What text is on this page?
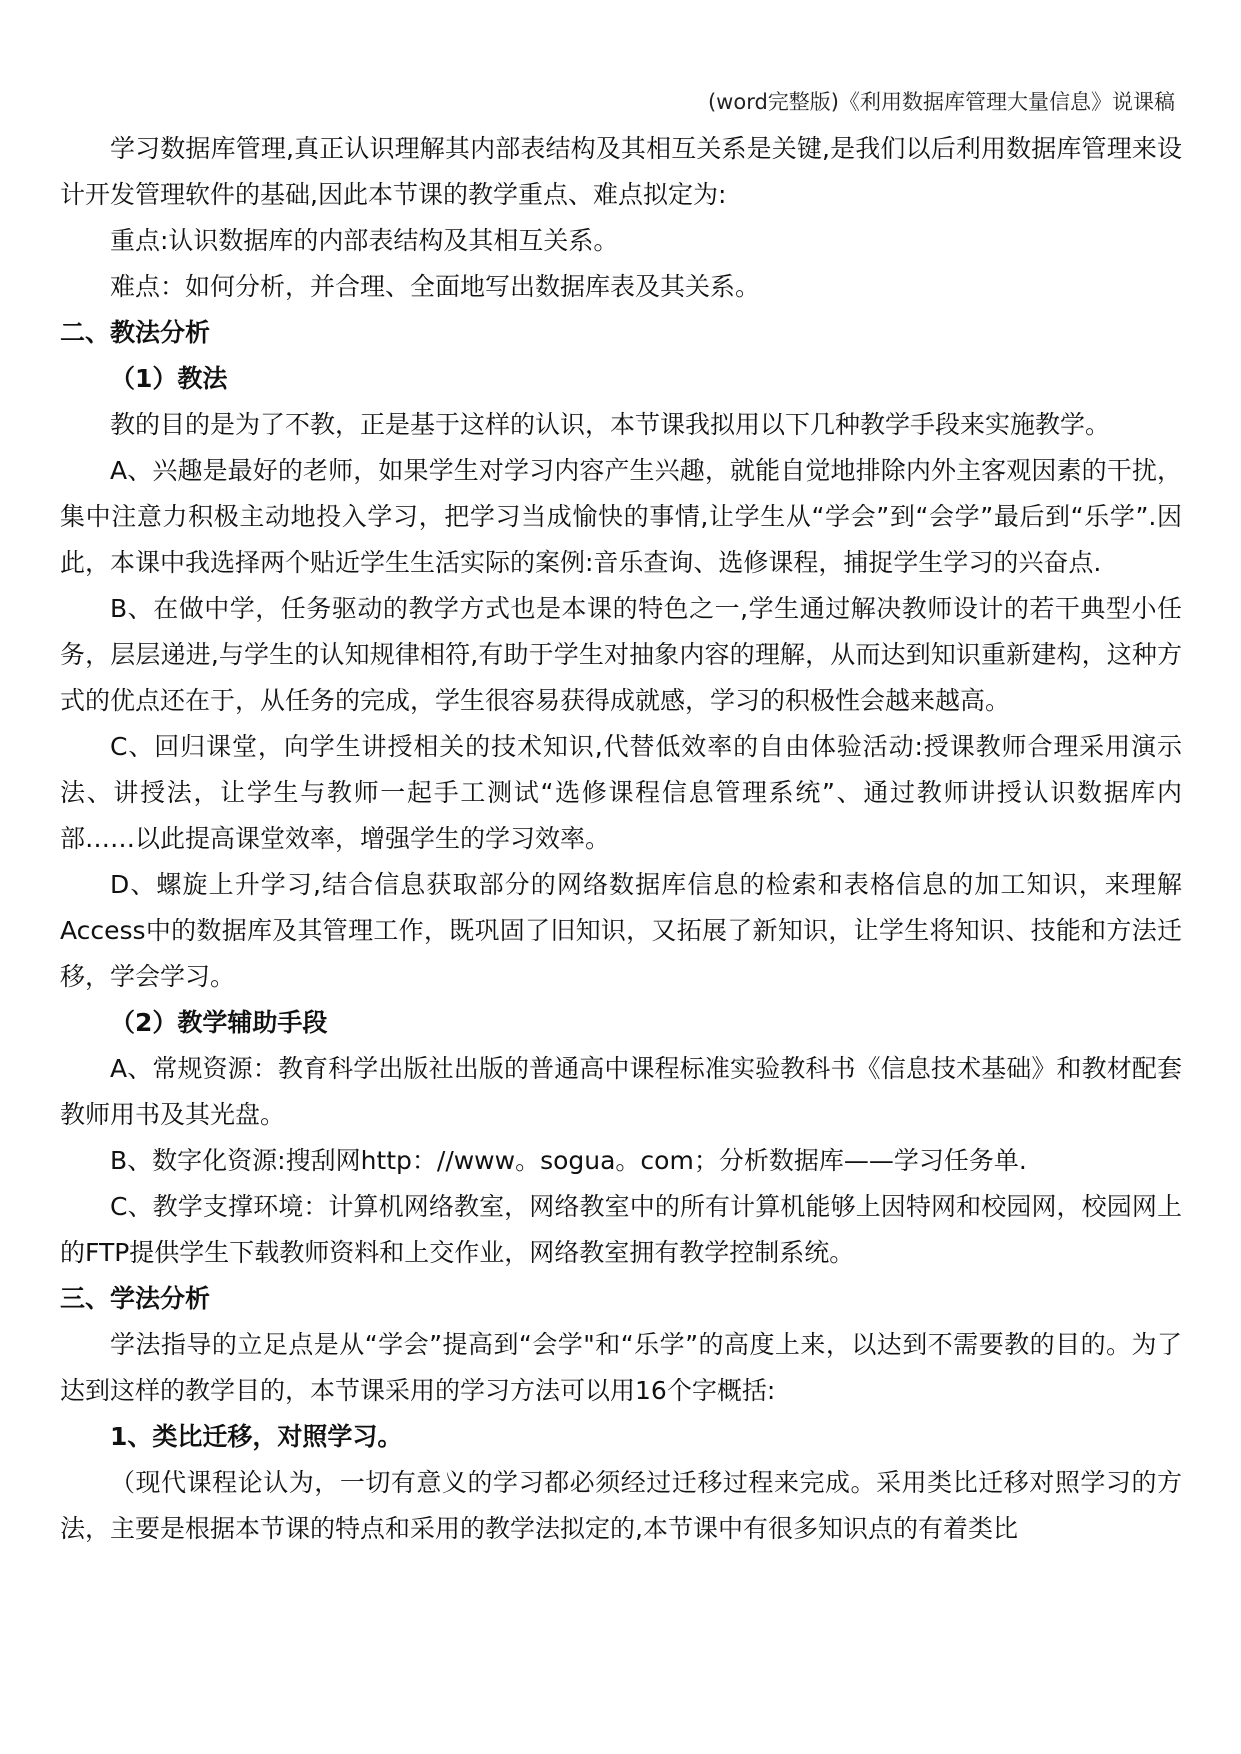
(word完整版)《利用数据库管理大量信息》说课稿

学习数据库管理,真正认识理解其内部表结构及其相互关系是关键,是我们以后利用数据库管理来设计开发管理软件的基础,因此本节课的教学重点、难点拟定为:

重点:认识数据库的内部表结构及其相互关系。

难点：如何分析，并合理、全面地写出数据库表及其关系。

二、教法分析

（1）教法

教的目的是为了不教，正是基于这样的认识，本节课我拟用以下几种教学手段来实施教学。

A、兴趣是最好的老师，如果学生对学习内容产生兴趣，就能自觉地排除内外主客观因素的干扰，集中注意力积极主动地投入学习，把学习当成愉快的事情,让学生从“学会”到“会学”最后到“乐学”.因此，本课中我选择两个贴近学生生活实际的案例:音乐查询、选修课程，捕捉学生学习的兴奋点.

B、在做中学，任务驱动的教学方式也是本课的特色之一,学生通过解决教师设计的若干典型小任务，层层递进,与学生的认知规律相符,有助于学生对抽象内容的理解，从而达到知识重新建构，这种方式的优点还在于，从任务的完成，学生很容易获得成就感，学习的积极性会越来越高。

C、回归课堂，向学生讲授相关的技术知识,代替低效率的自由体验活动:授课教师合理采用演示法、讲授法，让学生与教师一起手工测试“选修课程信息管理系统”、通过教师讲授认识数据库内部……以此提高课堂效率，增强学生的学习效率。

D、螺旋上升学习,结合信息获取部分的网络数据库信息的检索和表格信息的加工知识，来理解Access中的数据库及其管理工作，既巩固了旧知识，又拓展了新知识，让学生将知识、技能和方法迁移，学会学习。

（2）教学辅助手段

A、常规资源：教育科学出版社出版的普通高中课程标准实验教科书《信息技术基础》和教材配套教师用书及其光盘。

B、数字化资源:搜刮网http：//www。sogua。com；分析数据库——学习任务单.

C、教学支撑环境：计算机网络教室，网络教室中的所有计算机能够上因特网和校园网，校园网上的FTP提供学生下载教师资料和上交作业，网络教室拥有教学控制系统。

三、学法分析

学法指导的立足点是从“学会”提高到“会学"和“乐学”的高度上来，以达到不需要教的目的。为了达到这样的教学目的，本节课采用的学习方法可以用16个字概括:

1、类比迁移，对照学习。

（现代课程论认为，一切有意义的学习都必须经过迁移过程来完成。采用类比迁移对照学习的方法，主要是根据本节课的特点和采用的教学法拟定的,本节课中有很多知识点的有着类比
